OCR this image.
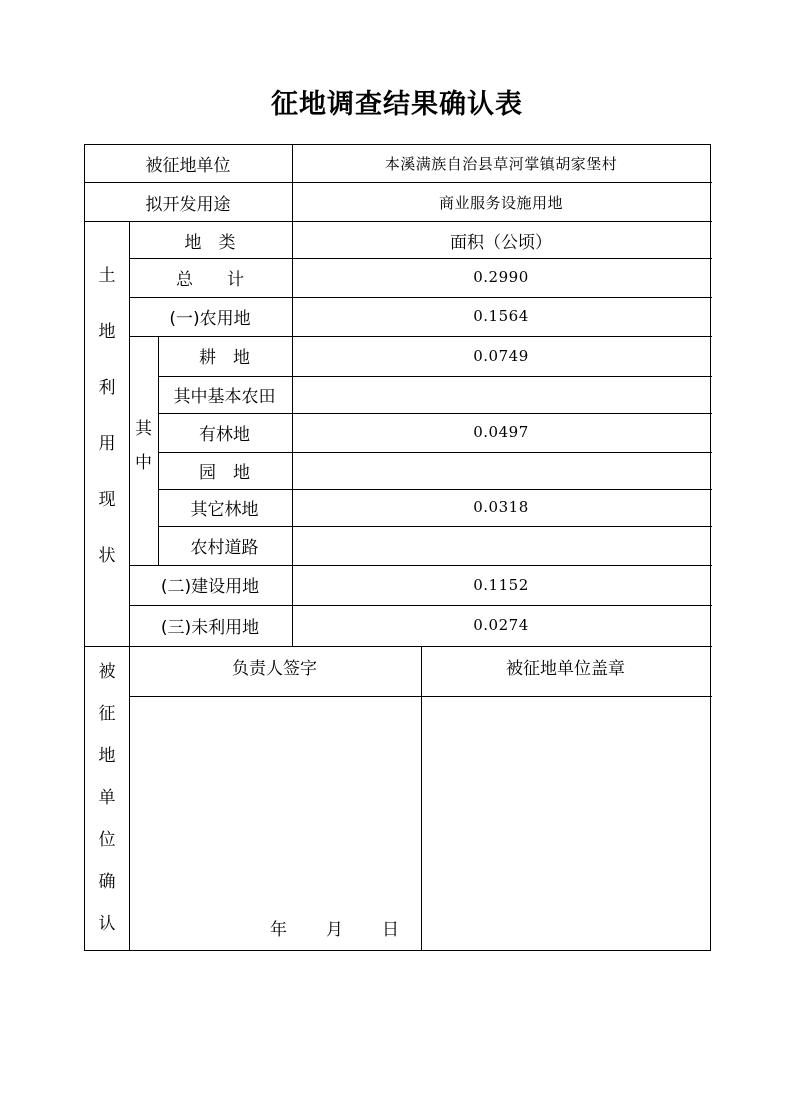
征地调查结果确认表
被征地单位	本溪满族自治县草河掌镇胡家堡村
拟开发用途	商业服务设施用地
土
地
利
用
现
状
地　类	面积（公顷）
总　　计	0.2990
(一)农用地	0.1564
其
中
耕　地	0.0749
其中基本农田
有林地	0.0497
园　地
其它林地	0.0318
农村道路
(二)建设用地	0.1152
(三)未利用地	0.0274
被
征
地
单
位
确
认
负责人签字	被征地单位盖章
年 月 日
